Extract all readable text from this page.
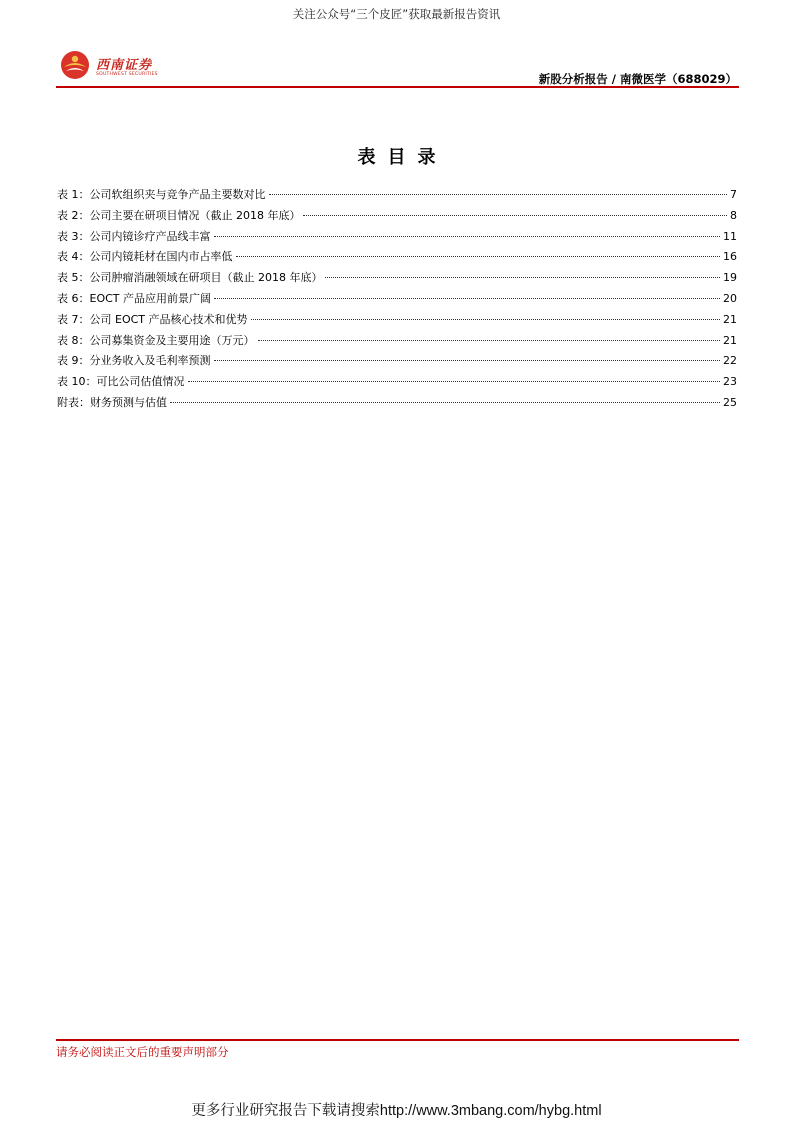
关注公众号“三个皮匠”获取最新报告资讯
西南证券
SOUTHWEST SECURITIES	新股分析报告 / 南微医学（688029）
表目录
表 1：公司软组织夹与竞争产品主要数对比	7
表 2：公司主要在研项目情况（截止 2018 年底）	8
表 3：公司内镜诊疗产品线丰富	11
表 4：公司内镜耗材在国内市占率低	16
表 5：公司肿瘤消融领域在研项目（截止 2018 年底）	19
表 6：EOCT 产品应用前景广阔	20
表 7：公司 EOCT 产品核心技术和优势	21
表 8：公司募集资金及主要用途（万元）	21
表 9：分业务收入及毛利率预测	22
表 10：可比公司估值情况	23
附表：财务预测与估值	25
请务必阅读正文后的重要声明部分
更多行业研究报告下载请搜索http://www.3mbang.com/hybg.html
